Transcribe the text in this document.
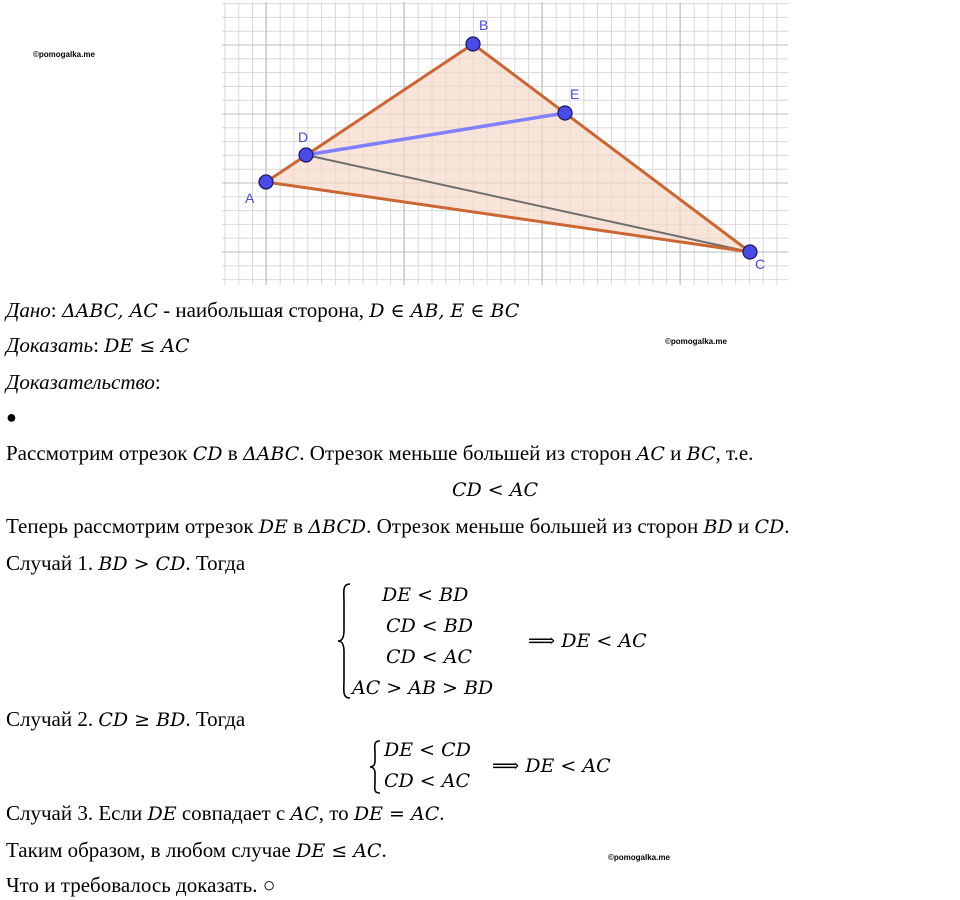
A
B
C
D
E
©pomogalka.me
©pomogalka.me
©pomogalka.me
Дано: ΔABC, AC - наибольшая сторона, D ∈ AB, E ∈ BC
Доказать: DE ≤ AC
Доказательство:
●
Рассмотрим отрезок CD в ΔABC. Отрезок меньше большей из сторон AC и BC, т.е.
CD < AC
Теперь рассмотрим отрезок DE в ΔBCD. Отрезок меньше большей из сторон BD и CD.
Случай 1. BD > CD. Тогда
DE < BD
CD < BD
CD < AC
AC > AB > BD
⟹ DE < AC
Случай 2. CD ≥ BD. Тогда
DE < CD
CD < AC
⟹ DE < AC
Случай 3. Если DE совпадает с AC, то DE = AC.
Таким образом, в любом случае DE ≤ AC.
Что и требовалось доказать. ○
